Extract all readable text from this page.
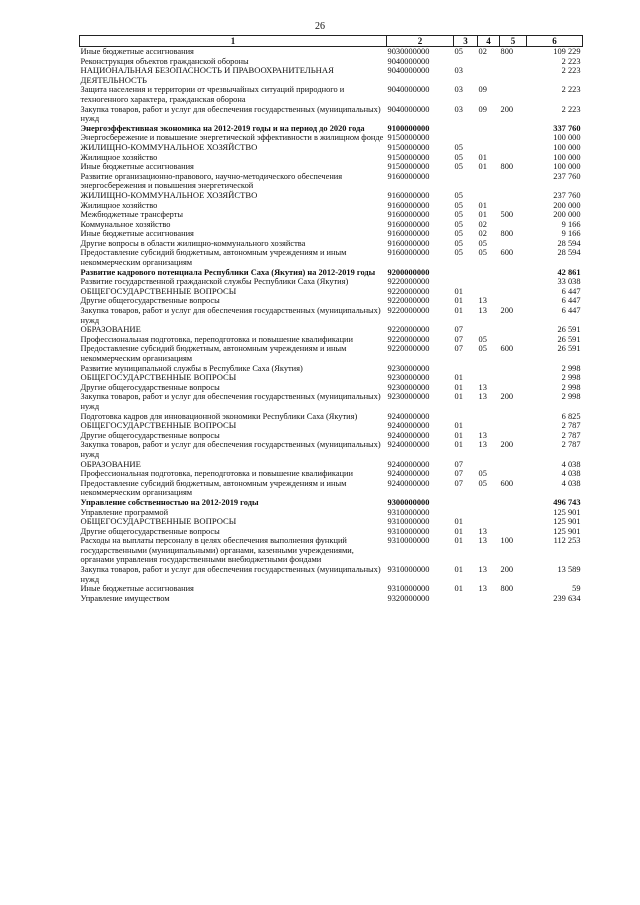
26
1	2	3	4	5	6
Иные бюджетные ассигнования	9030000000	05	02	800	109 229
Реконструкция объектов гражданской обороны	9040000000				2 223
НАЦИОНАЛЬНАЯ БЕЗОПАСНОСТЬ И ПРАВООХРАНИТЕЛЬНАЯ ДЕЯТЕЛЬНОСТЬ	9040000000	03			2 223
Защита населения и территории от чрезвычайных ситуаций природного и техногенного характера, гражданская оборона	9040000000	03	09		2 223
Закупка товаров, работ и услуг для обеспечения государственных (муниципальных) нужд	9040000000	03	09	200	2 223
Энергоэффективная экономика на 2012-2019 годы и на период до 2020 года	9100000000				337 760
Энергосбережение и повышение энергетической эффективности в жилищном фонде	9150000000				100 000
ЖИЛИЩНО-КОММУНАЛЬНОЕ ХОЗЯЙСТВО	9150000000	05			100 000
Жилищное хозяйство	9150000000	05	01		100 000
Иные бюджетные ассигнования	9150000000	05	01	800	100 000
Развитие организационно-правового, научно-методического обеспечения энергосбережения и повышения энергетической	9160000000				237 760
ЖИЛИЩНО-КОММУНАЛЬНОЕ ХОЗЯЙСТВО	9160000000	05			237 760
Жилищное хозяйство	9160000000	05	01		200 000
Межбюджетные трансферты	9160000000	05	01	500	200 000
Коммунальное хозяйство	9160000000	05	02		9 166
Иные бюджетные ассигнования	9160000000	05	02	800	9 166
Другие вопросы в области жилищно-коммунального хозяйства	9160000000	05	05		28 594
Предоставление субсидий бюджетным, автономным учреждениям и иным некоммерческим организациям	9160000000	05	05	600	28 594
Развитие кадрового потенциала Республики Саха (Якутия) на 2012-2019 годы	9200000000				42 861
Развитие государственной гражданской службы Республики Саха (Якутия)	9220000000				33 038
ОБЩЕГОСУДАРСТВЕННЫЕ ВОПРОСЫ	9220000000	01			6 447
Другие общегосударственные вопросы	9220000000	01	13		6 447
Закупка товаров, работ и услуг для обеспечения государственных (муниципальных) нужд	9220000000	01	13	200	6 447
ОБРАЗОВАНИЕ	9220000000	07			26 591
Профессиональная подготовка, переподготовка и повышение квалификации	9220000000	07	05		26 591
Предоставление субсидий бюджетным, автономным учреждениям и иным некоммерческим организациям	9220000000	07	05	600	26 591
Развитие муниципальной службы в Республике Саха (Якутия)	9230000000				2 998
ОБЩЕГОСУДАРСТВЕННЫЕ ВОПРОСЫ	9230000000	01			2 998
Другие общегосударственные вопросы	9230000000	01	13		2 998
Закупка товаров, работ и услуг для обеспечения государственных (муниципальных) нужд	9230000000	01	13	200	2 998
Подготовка кадров для инновационной экономики Республики Саха (Якутия)	9240000000				6 825
ОБЩЕГОСУДАРСТВЕННЫЕ ВОПРОСЫ	9240000000	01			2 787
Другие общегосударственные вопросы	9240000000	01	13		2 787
Закупка товаров, работ и услуг для обеспечения государственных (муниципальных) нужд	9240000000	01	13	200	2 787
ОБРАЗОВАНИЕ	9240000000	07			4 038
Профессиональная подготовка, переподготовка и повышение квалификации	9240000000	07	05		4 038
Предоставление субсидий бюджетным, автономным учреждениям и иным некоммерческим организациям	9240000000	07	05	600	4 038
Управление собственностью на 2012-2019 годы	9300000000				496 743
Управление программой	9310000000				125 901
ОБЩЕГОСУДАРСТВЕННЫЕ ВОПРОСЫ	9310000000	01			125 901
Другие общегосударственные вопросы	9310000000	01	13		125 901
Расходы на выплаты персоналу в целях обеспечения выполнения функций государственными (муниципальными) органами, казенными учреждениями, органами управления государственными внебюджетными фондами	9310000000	01	13	100	112 253
Закупка товаров, работ и услуг для обеспечения государственных (муниципальных) нужд	9310000000	01	13	200	13 589
Иные бюджетные ассигнования	9310000000	01	13	800	59
Управление имуществом	9320000000				239 634
